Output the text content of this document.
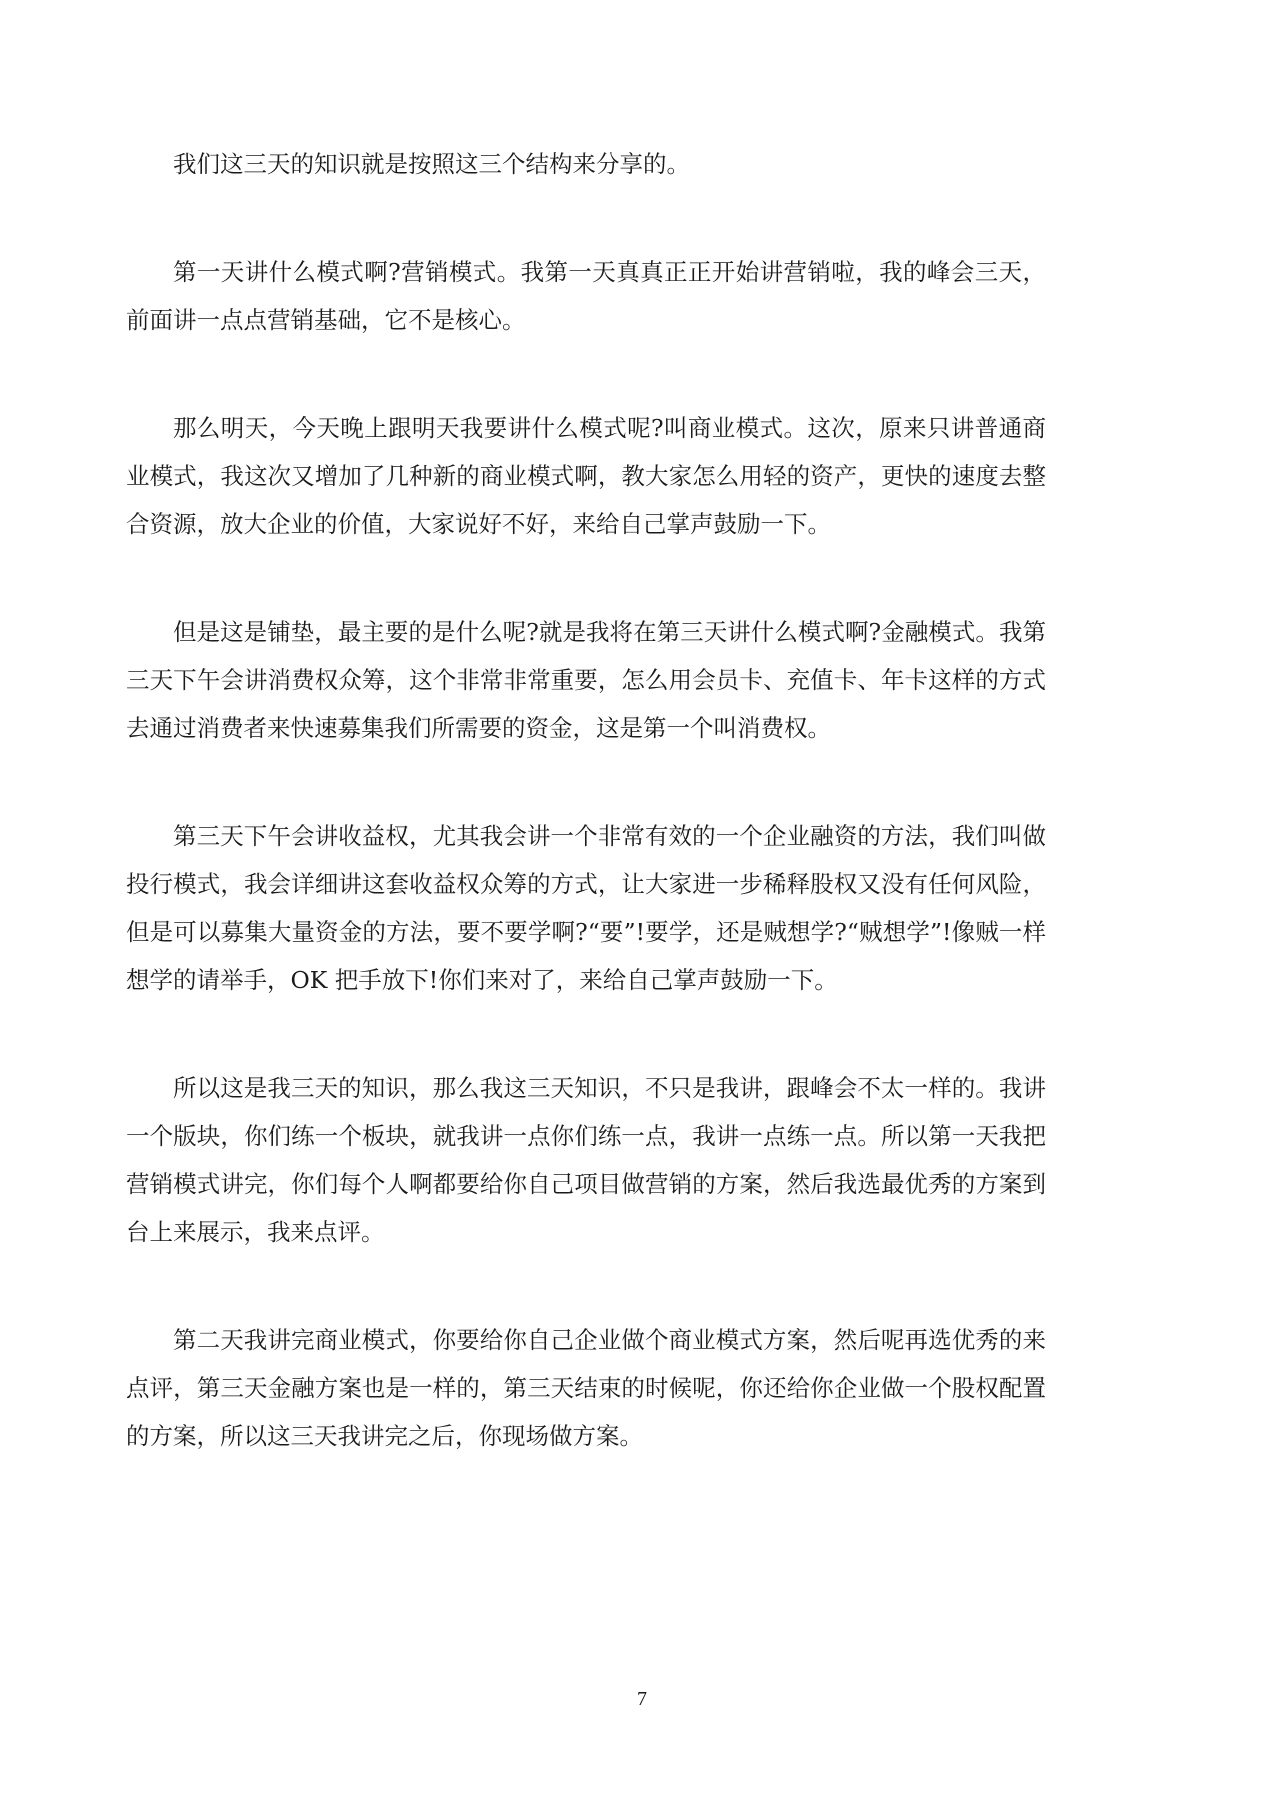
我们这三天的知识就是按照这三个结构来分享的。

第一天讲什么模式啊?营销模式。我第一天真真正正开始讲营销啦，我的峰会三天，前面讲一点点营销基础，它不是核心。

那么明天，今天晚上跟明天我要讲什么模式呢?叫商业模式。这次，原来只讲普通商业模式，我这次又增加了几种新的商业模式啊，教大家怎么用轻的资产，更快的速度去整合资源，放大企业的价值，大家说好不好，来给自己掌声鼓励一下。

但是这是铺垫，最主要的是什么呢?就是我将在第三天讲什么模式啊?金融模式。我第三天下午会讲消费权众筹，这个非常非常重要，怎么用会员卡、充值卡、年卡这样的方式去通过消费者来快速募集我们所需要的资金，这是第一个叫消费权。

第三天下午会讲收益权，尤其我会讲一个非常有效的一个企业融资的方法，我们叫做投行模式，我会详细讲这套收益权众筹的方式，让大家进一步稀释股权又没有任何风险，但是可以募集大量资金的方法，要不要学啊?“要”!要学，还是贼想学?“贼想学”!像贼一样想学的请举手，OK 把手放下!你们来对了，来给自己掌声鼓励一下。

所以这是我三天的知识，那么我这三天知识，不只是我讲，跟峰会不太一样的。我讲一个版块，你们练一个板块，就我讲一点你们练一点，我讲一点练一点。所以第一天我把营销模式讲完，你们每个人啊都要给你自己项目做营销的方案，然后我选最优秀的方案到台上来展示，我来点评。

第二天我讲完商业模式，你要给你自己企业做个商业模式方案，然后呢再选优秀的来点评，第三天金融方案也是一样的，第三天结束的时候呢，你还给你企业做一个股权配置的方案，所以这三天我讲完之后，你现场做方案。

7
